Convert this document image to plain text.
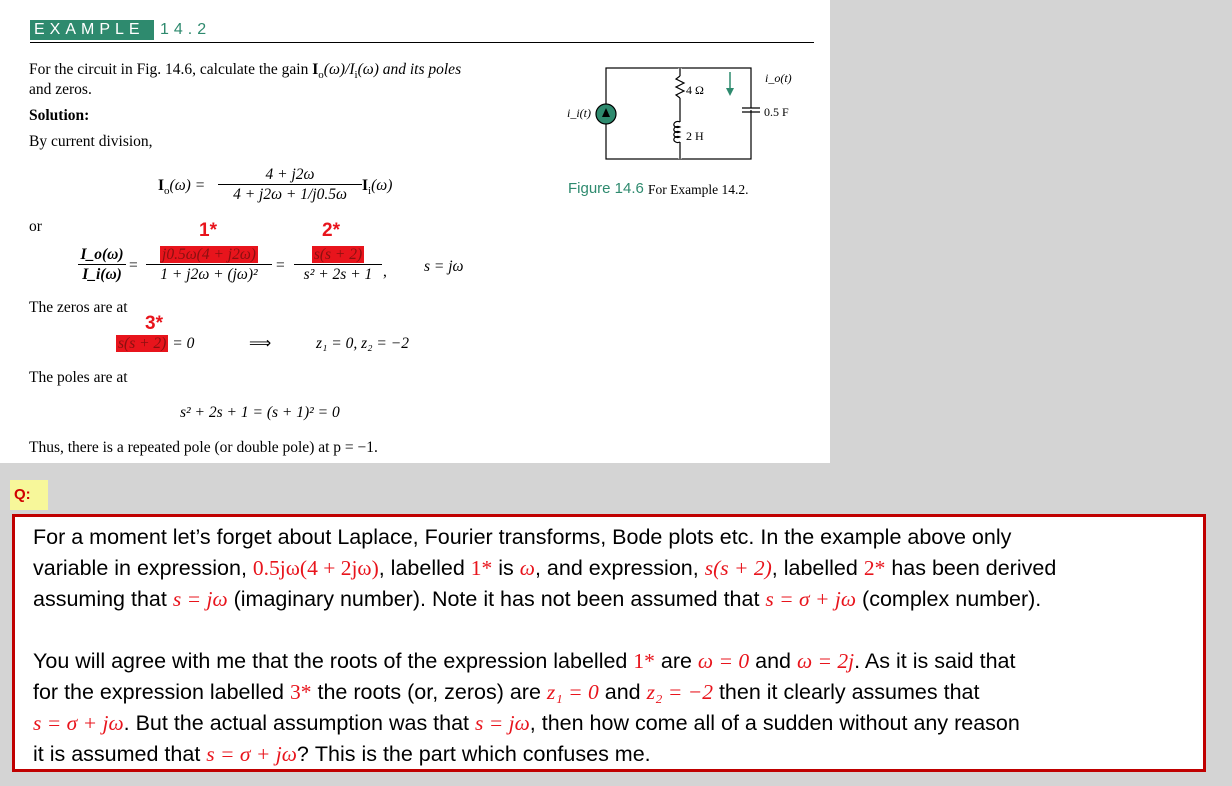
EXAMPLE 14.2
For the circuit in Fig. 14.6, calculate the gain $I_o(\omega)/I_i(\omega)$ and its poles
and zeros.
Solution:
By current division,
$I_o(\omega) = \frac{4 + j2\omega}{4 + j2\omega + 1/j0.5\omega} I_i(\omega)$
or	1*	2*
$\frac{I\_o(\omega)}{I\_i(\omega)} = \frac{j0.5\omega(4 + j2\omega)}{\text{1 + j2ω + (jω)²}} = \frac{s(s + 2)}{\text{s² + 2s + 1}}$ , s = jω
The zeros are at
3*
s(s + 2) = 0	⟹	z₁ = 0, z₂ = −2
The poles are at
s² + 2s + 1 = (s + 1)² = 0
Thus, there is a repeated pole (or double pole) at p = −1.
i_i(t)
4 Ω
2 H
0.5 F
i_o(t)
Figure 14.6 For Example 14.2.
Q:
For a moment let’s forget about Laplace, Fourier transforms, Bode plots etc. In the example above only
variable in expression, 0.5jω(4 + 2jω), labelled 1* is ω, and expression, s(s + 2), labelled 2* has been derived
assuming that s = jω (imaginary number). Note it has not been assumed that s = σ + jω (complex number).
You will agree with me that the roots of the expression labelled 1* are ω = 0 and ω = 2j. As it is said that
for the expression labelled 3* the roots (or, zeros) are z₁ = 0 and z₂ = −2 then it clearly assumes that
s = σ + jω. But the actual assumption was that s = jω, then how come all of a sudden without any reason
it is assumed that s = σ + jω? This is the part which confuses me.
